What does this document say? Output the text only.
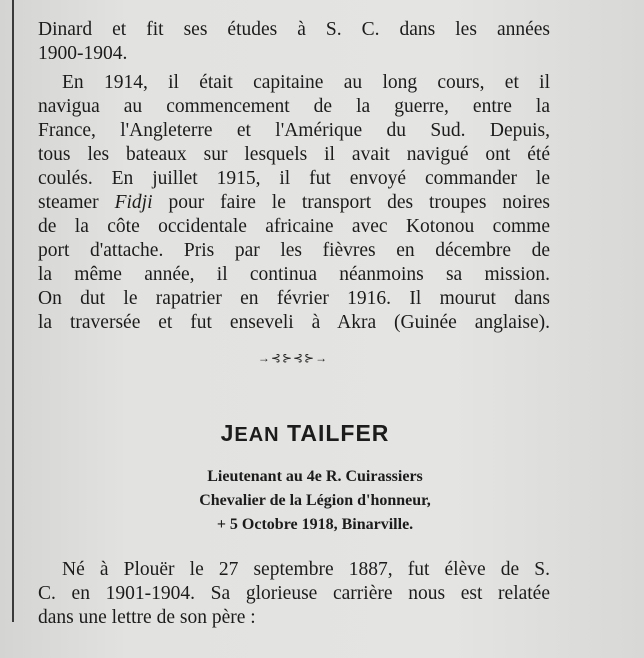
Dinard et fit ses études à S. C. dans les années

1900-1904.

En 1914, il était capitaine au long cours, et il

navigua au commencement de la guerre, entre la

France, l'Angleterre et l'Amérique du Sud. Depuis,

tous les bateaux sur lesquels il avait navigué ont été

coulés. En juillet 1915, il fut envoyé commander le

steamer Fidji pour faire le transport des troupes noires

de la côte occidentale africaine avec Kotonou comme

port d'attache. Pris par les fièvres en décembre de

la même année, il continua néanmoins sa mission.

On dut le rapatrier en février 1916. Il mourut dans

la traversée et fut enseveli à Akra (Guinée anglaise).

→⊰⊱⊰⊱→
JEAN TAILFER
Lieutenant au 4e R. Cuirassiers
Chevalier de la Légion d'honneur,
+ 5 Octobre 1918, Binarville.

Né à Plouër le 27 septembre 1887, fut élève de S.

C. en 1901-1904. Sa glorieuse carrière nous est relatée

dans une lettre de son père :
